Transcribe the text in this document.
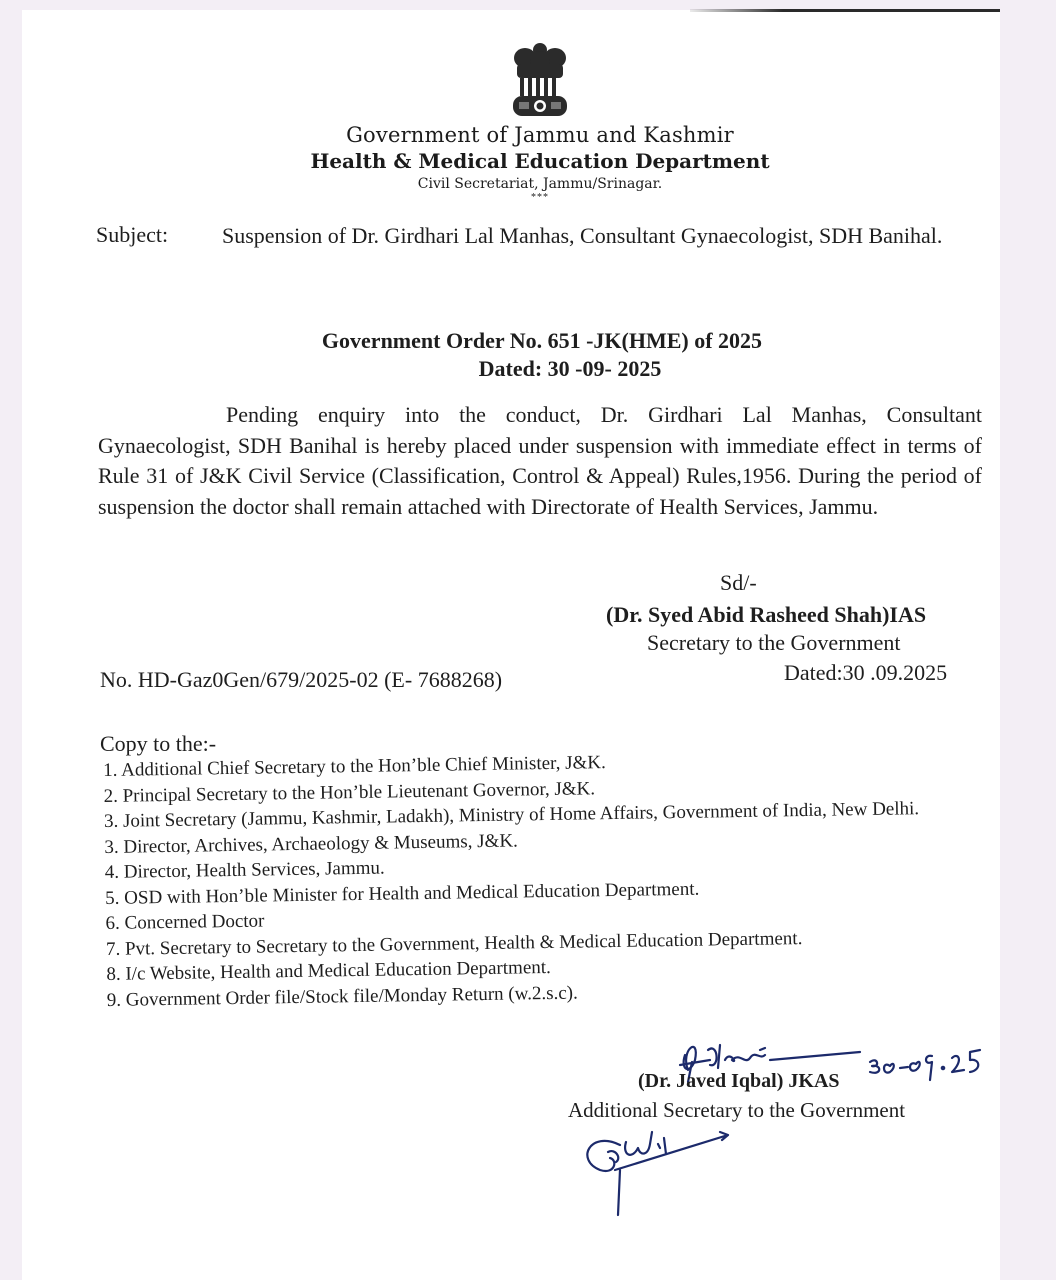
Government of Jammu and Kashmir
Health & Medical Education Department
Civil Secretariat, Jammu/Srinagar.
***
Subject: Suspension of Dr. Girdhari Lal Manhas, Consultant Gynaecologist, SDH Banihal.
Government Order No. 651 -JK(HME) of 2025
Dated: 30 -09- 2025
Pending enquiry into the conduct, Dr. Girdhari Lal Manhas, Consultant Gynaecologist, SDH Banihal is hereby placed under suspension with immediate effect in terms of Rule 31 of J&K Civil Service (Classification, Control & Appeal) Rules,1956. During the period of suspension the doctor shall remain attached with Directorate of Health Services, Jammu.
Sd/-
(Dr. Syed Abid Rasheed Shah)IAS
Secretary to the Government
No. HD-Gaz0Gen/679/2025-02 (E- 7688268)	Dated:30 .09.2025
Copy to the:-
1. Additional Chief Secretary to the Hon’ble Chief Minister, J&K.
2. Principal Secretary to the Hon’ble Lieutenant Governor, J&K.
3. Joint Secretary (Jammu, Kashmir, Ladakh), Ministry of Home Affairs, Government of India, New Delhi.
3. Director, Archives, Archaeology & Museums, J&K.
4. Director, Health Services, Jammu.
5. OSD with Hon’ble Minister for Health and Medical Education Department.
6. Concerned Doctor
7. Pvt. Secretary to Secretary to the Government, Health & Medical Education Department.
8. I/c Website, Health and Medical Education Department.
9. Government Order file/Stock file/Monday Return (w.2.s.c).
(Dr. Javed Iqbal) JKAS
Additional Secretary to the Government
